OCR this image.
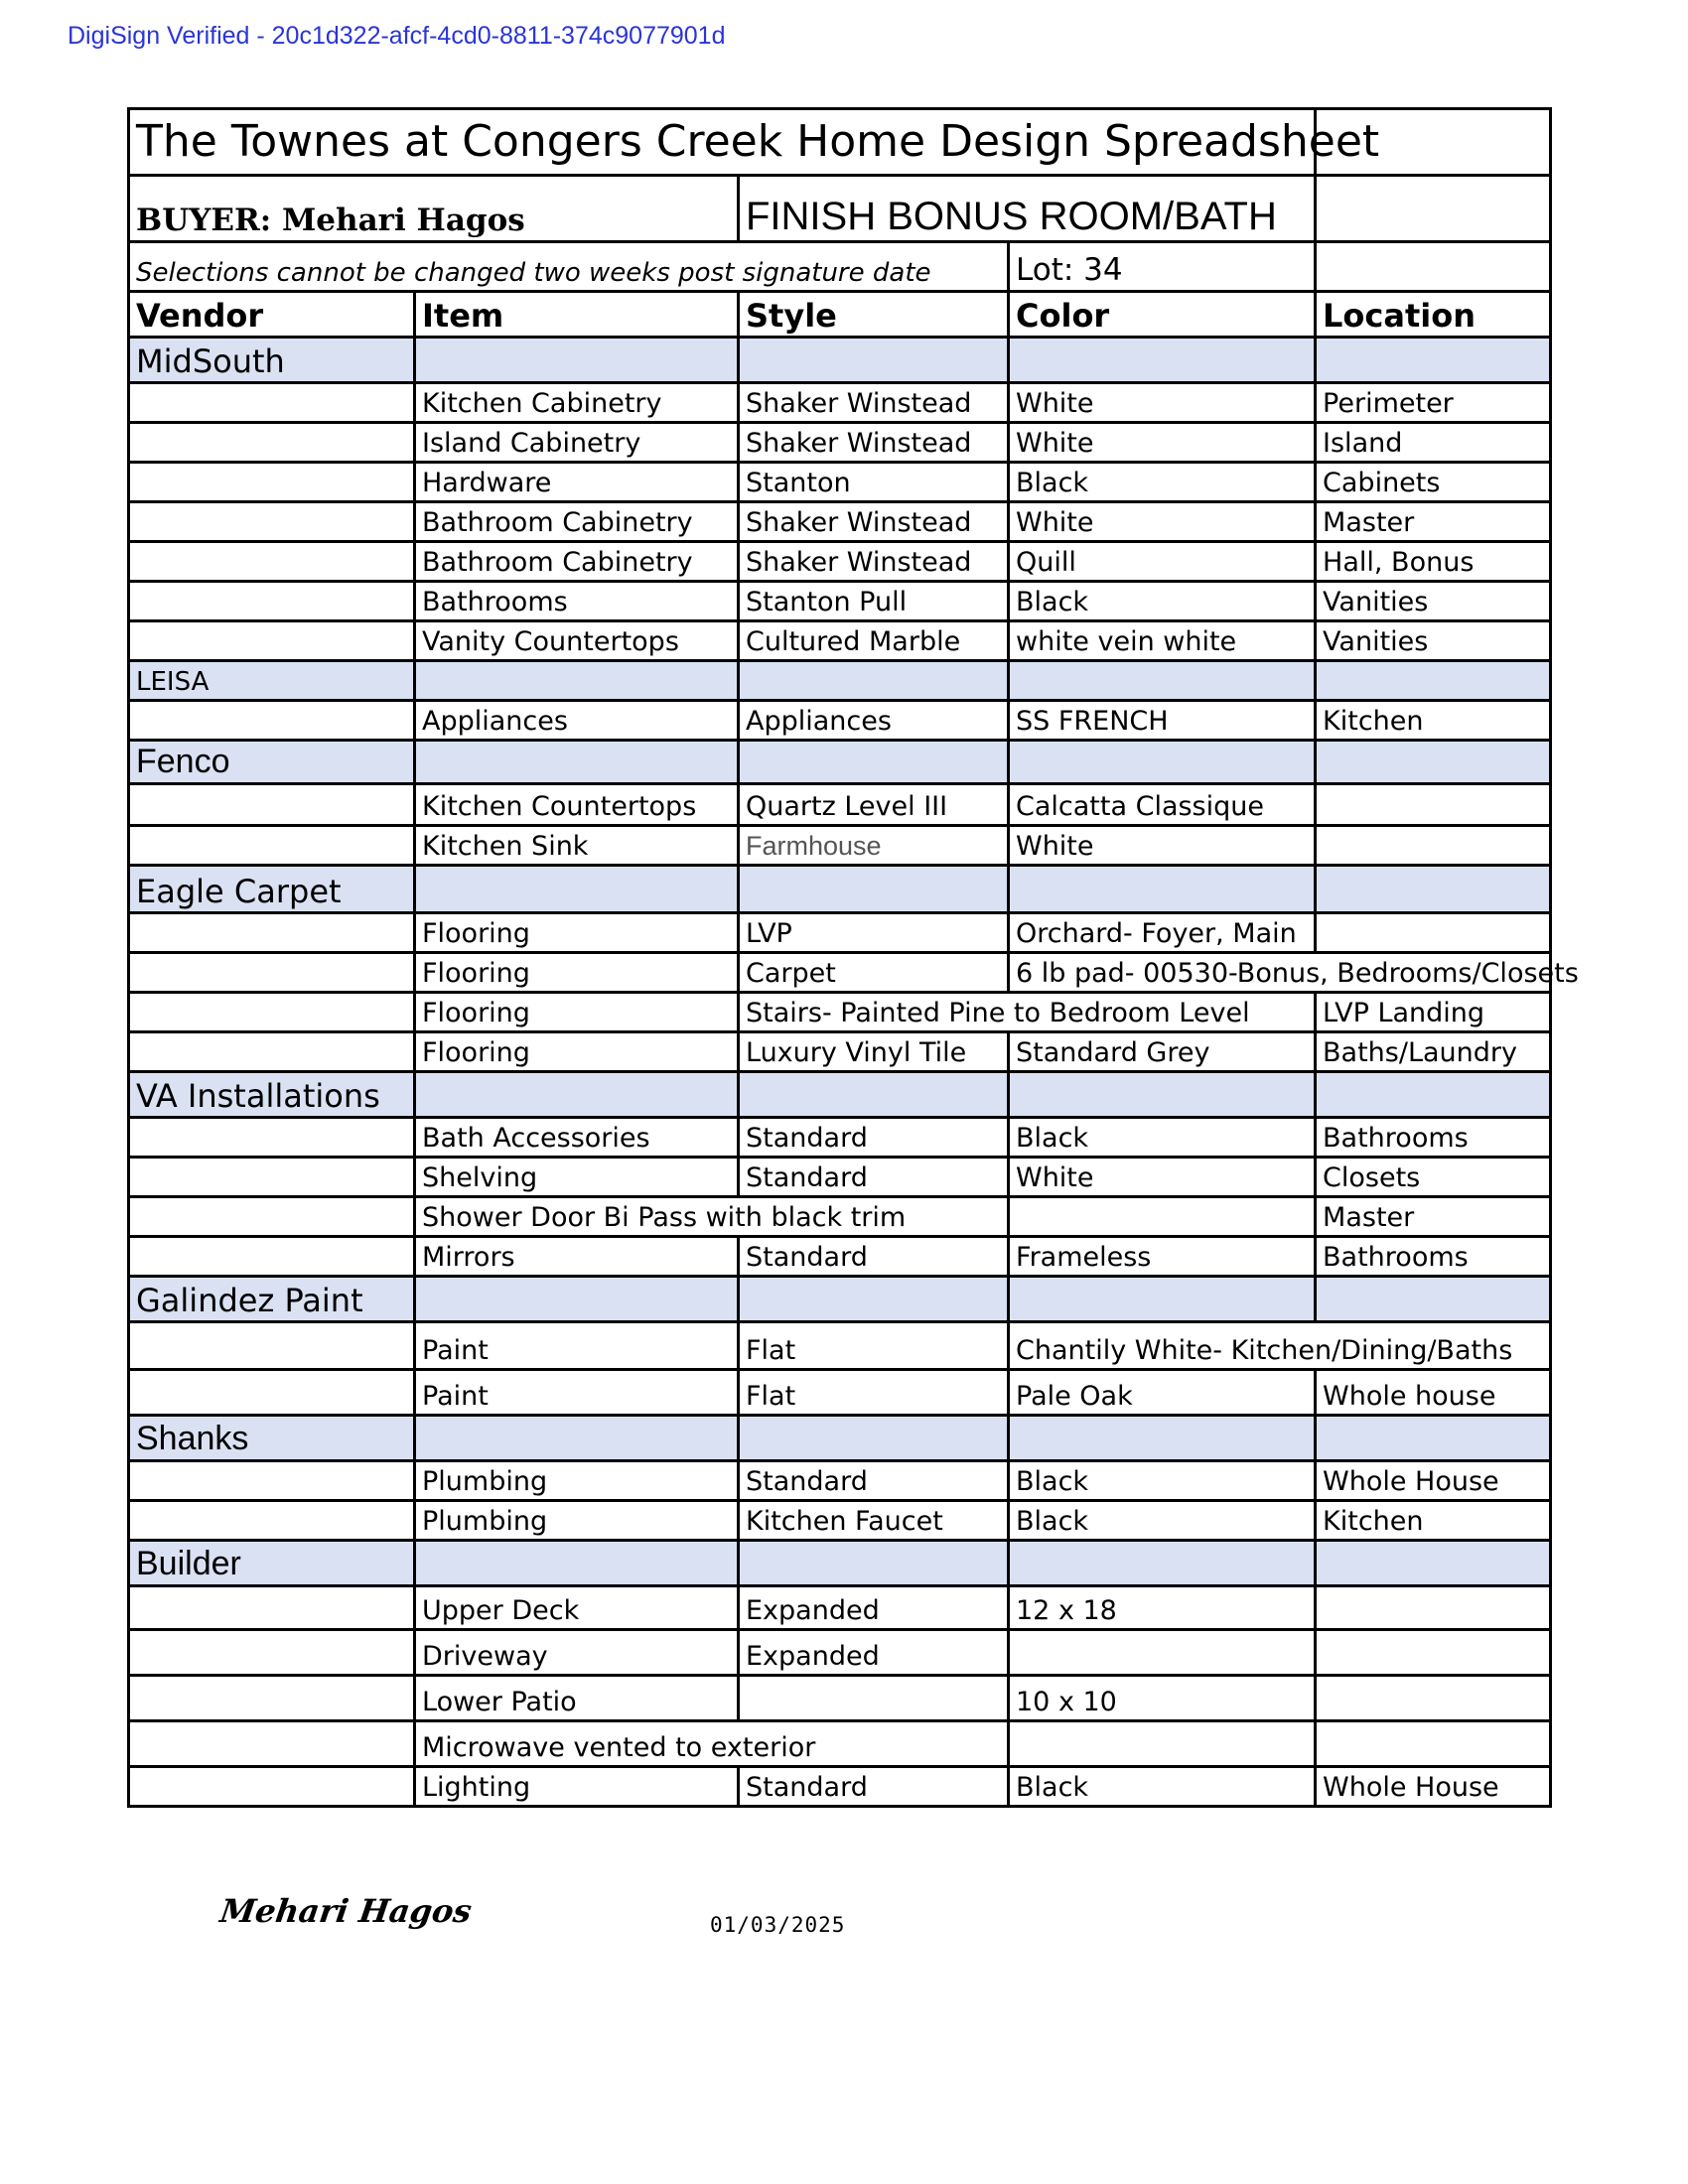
DigiSign Verified - 20c1d322-afcf-4cd0-8811-374c9077901d
The Townes at Congers Creek Home Design Spreadsheet				
BUYER: Mehari Hagos		FINISH BONUS ROOM/BATH		
Selections cannot be changed two weeks post signature date			Lot: 34	
Vendor	Item	Style	Color	Location
MidSouth				
	Kitchen Cabinetry	Shaker Winstead	White	Perimeter
	Island Cabinetry	Shaker Winstead	White	Island
	Hardware	Stanton	Black	Cabinets
	Bathroom Cabinetry	Shaker Winstead	White	Master
	Bathroom Cabinetry	Shaker Winstead	Quill	Hall, Bonus
	Bathrooms	Stanton Pull	Black	Vanities
	Vanity Countertops	Cultured Marble	white vein white	Vanities
LEISA				
	Appliances	Appliances	SS FRENCH	Kitchen
Fenco				
	Kitchen Countertops	Quartz Level III	Calcatta Classique	
	Kitchen Sink	Farmhouse	White	
Eagle Carpet				
	Flooring	LVP	Orchard- Foyer, Main	
	Flooring	Carpet	6 lb pad- 00530-Bonus, Bedrooms/Closets	
	Flooring	Stairs- Painted Pine to Bedroom Level		LVP Landing
	Flooring	Luxury Vinyl Tile	Standard Grey	Baths/Laundry
VA Installations				
	Bath Accessories	Standard	Black	Bathrooms
	Shelving	Standard	White	Closets
	Shower Door Bi Pass with black trim			Master
	Mirrors	Standard	Frameless	Bathrooms
Galindez Paint				
	Paint	Flat	Chantily White- Kitchen/Dining/Baths	
	Paint	Flat	Pale Oak	Whole house
Shanks				
	Plumbing	Standard	Black	Whole House
	Plumbing	Kitchen Faucet	Black	Kitchen
Builder				
	Upper Deck	Expanded	12 x 18	
	Driveway	Expanded		
	Lower Patio		10 x 10	
	Microwave vented to exterior			
	Lighting	Standard	Black	Whole House
Mehari Hagos	01/03/2025
